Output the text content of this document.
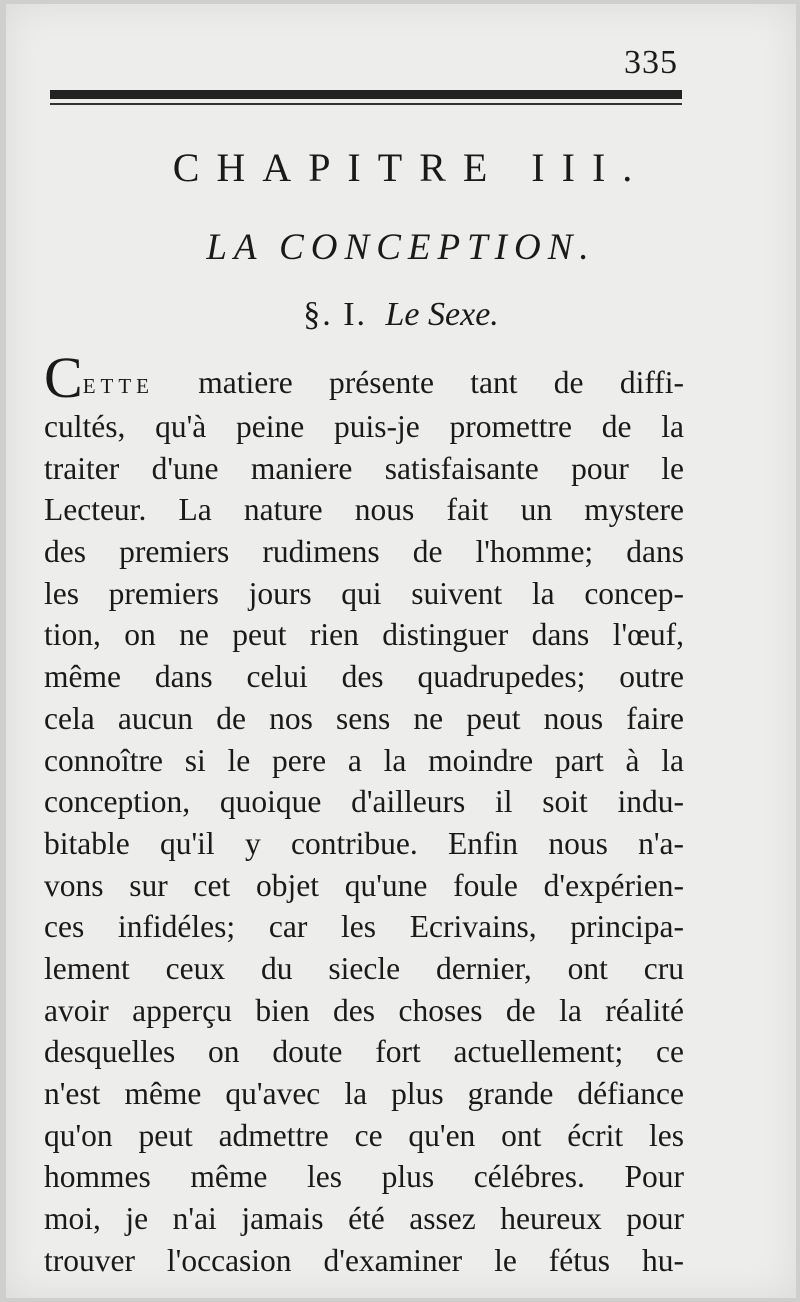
335
CHAPITRE III.
LA CONCEPTION.
§. I. Le Sexe.
CETTE matiere présente tant de diffi-
cultés, qu'à peine puis-je promettre de la
traiter d'une maniere satisfaisante pour le
Lecteur. La nature nous fait un mystere
des premiers rudimens de l'homme; dans
les premiers jours qui suivent la concep-
tion, on ne peut rien distinguer dans l'œuf,
même dans celui des quadrupedes; outre
cela aucun de nos sens ne peut nous faire
connoître si le pere a la moindre part à la
conception, quoique d'ailleurs il soit indu-
bitable qu'il y contribue. Enfin nous n'a-
vons sur cet objet qu'une foule d'expérien-
ces infidéles; car les Ecrivains, principa-
lement ceux du siecle dernier, ont cru
avoir apperçu bien des choses de la réalité
desquelles on doute fort actuellement; ce
n'est même qu'avec la plus grande défiance
qu'on peut admettre ce qu'en ont écrit les
hommes même les plus célébres. Pour
moi, je n'ai jamais été assez heureux pour
trouver l'occasion d'examiner le fétus hu-
